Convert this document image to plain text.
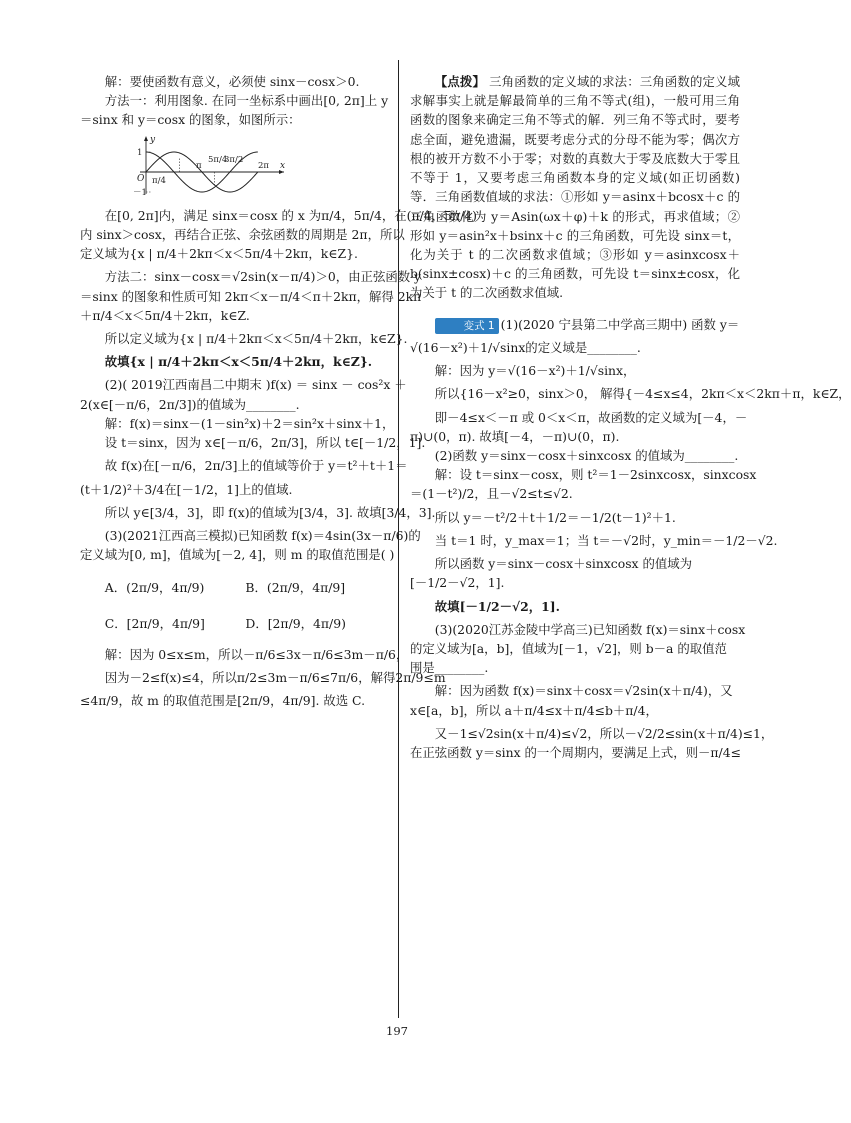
解：要使函数有意义，必须使 sinx－cosx＞0.

方法一：利用图象. 在同一坐标系中画出[0, 2π]上 y

＝sinx 和 y＝cosx 的图象，如图所示：

x
y
O
1
－1
π/4
π
5π/4
3π/2
2π

在[0, 2π]内，满足 sinx＝cosx 的 x 为π/4，5π/4，在(π/4，5π/4)

内 sinx＞cosx，再结合正弦、余弦函数的周期是 2π，所以

定义域为{x | π/4＋2kπ＜x＜5π/4＋2kπ，k∈Z}.

方法二：sinx－cosx＝√2sin(x－π/4)＞0，由正弦函数 y

＝sinx 的图象和性质可知 2kπ＜x－π/4＜π＋2kπ，解得 2kπ

＋π/4＜x＜5π/4＋2kπ，k∈Z.

所以定义域为{x | π/4＋2kπ＜x＜5π/4＋2kπ，k∈Z}.

故填{x | π/4＋2kπ＜x＜5π/4＋2kπ，k∈Z}.

(2)( 2019江西南昌二中期末 )f(x) ＝ sinx － cos²x ＋

2(x∈[－π/6，2π/3])的值域为________.

解：f(x)＝sinx－(1－sin²x)＋2＝sin²x＋sinx＋1，

设 t＝sinx，因为 x∈[－π/6，2π/3]，所以 t∈[－1/2，1].

故 f(x)在[－π/6，2π/3]上的值域等价于 y＝t²＋t＋1＝

(t＋1/2)²＋3/4在[－1/2，1]上的值域.

所以 y∈[3/4，3]，即 f(x)的值域为[3/4，3]. 故填[3/4，3].

(3)(2021江西高三模拟)已知函数 f(x)＝4sin(3x－π/6)的

定义域为[0, m]，值域为[－2, 4]，则 m 的取值范围是( )

A．(2π/9，4π/9)	B．(2π/9，4π/9]
C．[2π/9，4π/9]	D．[2π/9，4π/9)

解：因为 0≤x≤m，所以－π/6≤3x－π/6≤3m－π/6，

因为－2≤f(x)≤4，所以π/2≤3m－π/6≤7π/6，解得2π/9≤m

≤4π/9，故 m 的取值范围是[2π/9，4π/9]. 故选 C.

【点拨】 三角函数的定义域的求法：三角函数的定义域求解事实上就是解最简单的三角不等式(组)，一般可用三角函数的图象来确定三角不等式的解．列三角不等式时，要考虑全面，避免遗漏，既要考虑分式的分母不能为零；偶次方根的被开方数不小于零；对数的真数大于零及底数大于零且不等于 1，又要考虑三角函数本身的定义域(如正切函数)等．三角函数值域的求法：①形如 y＝asinx＋bcosx＋c 的三角函数化为 y＝Asin(ωx＋φ)＋k 的形式，再求值域；②形如 y＝asin²x＋bsinx＋c 的三角函数，可先设 sinx＝t，化为关于 t 的二次函数求值域；③形如 y＝asinxcosx＋b(sinx±cosx)＋c 的三角函数，可先设 t＝sinx±cosx，化为关于 t 的二次函数求值域.

变式 1 (1)(2020 宁县第二中学高三期中) 函数 y＝

√(16－x²)＋1/√sinx的定义域是________.

解：因为 y＝√(16－x²)＋1/√sinx，

所以{16－x²≥0，sinx＞0， 解得{－4≤x≤4，2kπ＜x＜2kπ＋π，k∈Z，

即－4≤x＜－π 或 0＜x＜π，故函数的定义域为[－4，－

π)∪(0，π). 故填[－4，－π)∪(0，π).

(2)函数 y＝sinx－cosx＋sinxcosx 的值域为________.

解：设 t＝sinx－cosx，则 t²＝1－2sinxcosx，sinxcosx

＝(1－t²)/2，且－√2≤t≤√2.

所以 y＝－t²/2＋t＋1/2＝－1/2(t－1)²＋1.

当 t＝1 时，y_max＝1；当 t＝－√2时，y_min＝－1/2－√2.

所以函数 y＝sinx－cosx＋sinxcosx 的值域为

[－1/2－√2，1].

故填[－1/2－√2，1].

(3)(2020江苏金陵中学高三)已知函数 f(x)＝sinx＋cosx

的定义域为[a，b]，值域为[－1，√2]，则 b－a 的取值范

围是________.

解：因为函数 f(x)＝sinx＋cosx＝√2sin(x＋π/4)，又

x∈[a，b]，所以 a＋π/4≤x＋π/4≤b＋π/4，

又－1≤√2sin(x＋π/4)≤√2，所以－√2/2≤sin(x＋π/4)≤1，

在正弦函数 y＝sinx 的一个周期内，要满足上式，则－π/4≤

197
